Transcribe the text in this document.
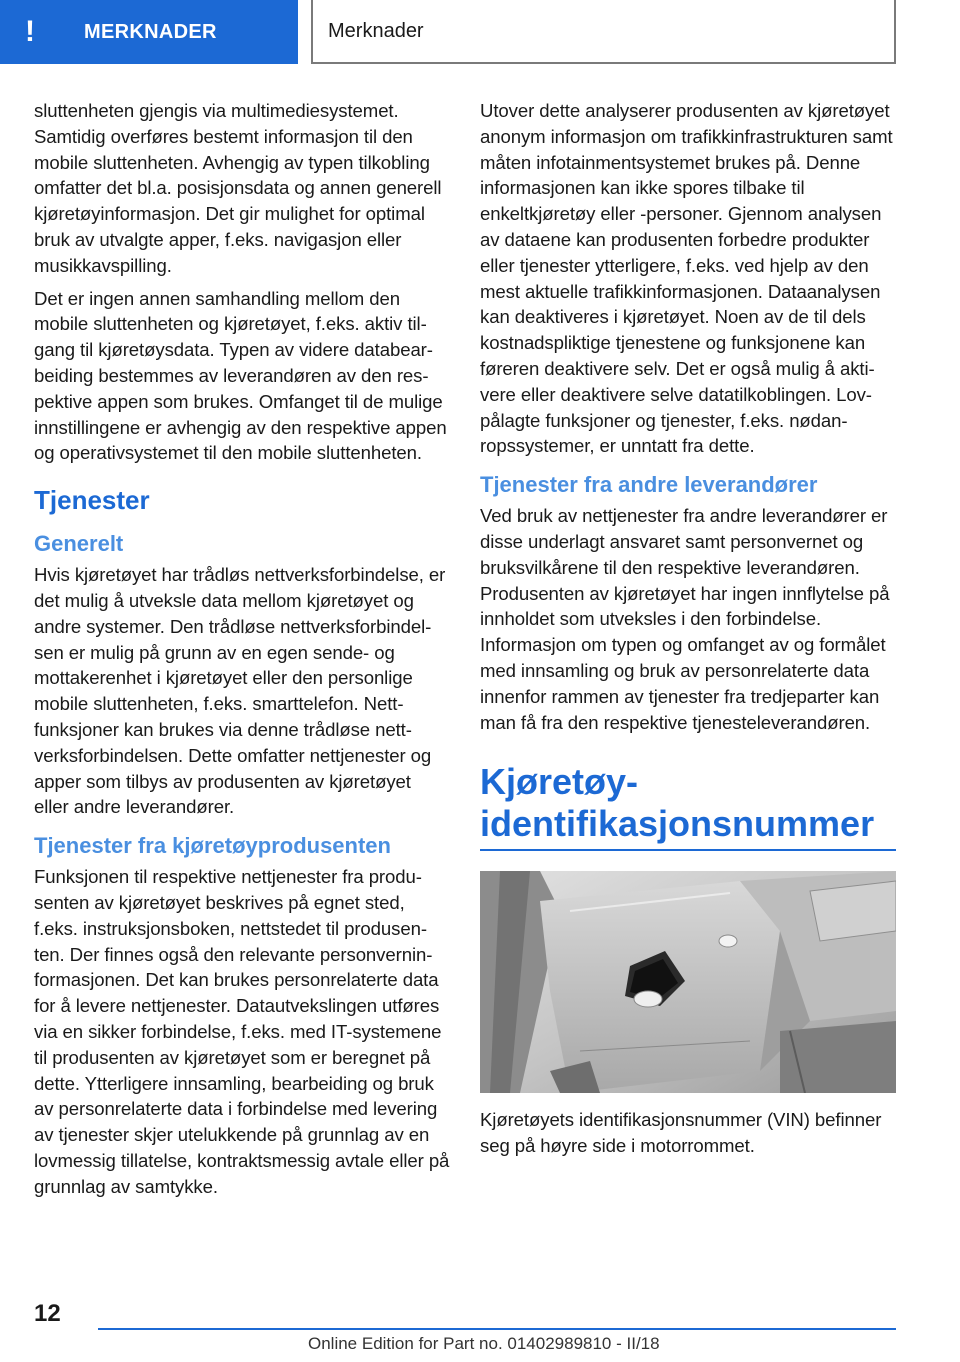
!	MERKNADER	Merknader

sluttenheten gjengis via multimediesystemet. Samtidig overføres bestemt informasjon til den mobile sluttenheten. Avhengig av typen tilkobling omfatter det bl.a. posisjonsdata og annen generell kjøretøyinformasjon. Det gir mulighet for optimal bruk av utvalgte apper, f.eks. navigasjon eller musikkavspilling.

Det er ingen annen samhandling mellom den mobile sluttenheten og kjøretøyet, f.eks. aktiv tilgang til kjøretøysdata. Typen av videre databearbeiding bestemmes av leverandøren av den respektive appen som brukes. Omfanget til de mulige innstillingene er avhengig av den respektive appen og operativsystemet til den mobile sluttenheten.

Tjenester
Generelt

Hvis kjøretøyet har trådløs nettverksforbindelse, er det mulig å utveksle data mellom kjøretøyet og andre systemer. Den trådløse nettverksforbindelsen er mulig på grunn av en egen sende- og mottakerenhet i kjøretøyet eller den personlige mobile sluttenheten, f.eks. smarttelefon. Nettfunksjoner kan brukes via denne trådløse nettverksforbindelsen. Dette omfatter nettjenester og apper som tilbys av produsenten av kjøretøyet eller andre leverandører.

Tjenester fra kjøretøyprodusenten

Funksjonen til respektive nettjenester fra produsenten av kjøretøyet beskrives på egnet sted, f.eks. instruksjonsboken, nettstedet til produsenten. Der finnes også den relevante personverninformasjonen. Det kan brukes personrelaterte data for å levere nettjenester. Datautvekslingen utføres via en sikker forbindelse, f.eks. med IT-systemene til produsenten av kjøretøyet som er beregnet på dette. Ytterligere innsamling, bearbeiding og bruk av personrelaterte data i forbindelse med levering av tjenester skjer utelukkende på grunnlag av en lovmessig tillatelse, kontraktsmessig avtale eller på grunnlag av samtykke.

Utover dette analyserer produsenten av kjøretøyet anonym informasjon om trafikkinfrastrukturen samt måten infotainmentsystemet brukes på. Denne informasjonen kan ikke spores tilbake til enkeltkjøretøy eller -personer. Gjennom analysen av dataene kan produsenten forbedre produkter eller tjenester ytterligere, f.eks. ved hjelp av den mest aktuelle trafikkinformasjonen. Dataanalysen kan deaktiveres i kjøretøyet. Noen av de til dels kostnadspliktige tjenestene og funksjonene kan føreren deaktivere selv. Det er også mulig å aktivere eller deaktivere selve datatilkoblingen. Lovpålagte funksjoner og tjenester, f.eks. nødanropssystemer, er unntatt fra dette.

Tjenester fra andre leverandører

Ved bruk av nettjenester fra andre leverandører er disse underlagt ansvaret samt personvernet og bruksvilkårene til den respektive leverandøren. Produsenten av kjøretøyet har ingen innflytelse på innholdet som utveksles i den forbindelse. Informasjon om typen og omfanget av og formålet med innsamling og bruk av personrelaterte data innenfor rammen av tjenester fra tredjeparter kan man få fra den respektive tjenesteleverandøren.

Kjøretøy-identifikasjonsnummer

Kjøretøyets identifikasjonsnummer (VIN) befinner seg på høyre side i motorrommet.

12
Online Edition for Part no. 01402989810 - II/18
